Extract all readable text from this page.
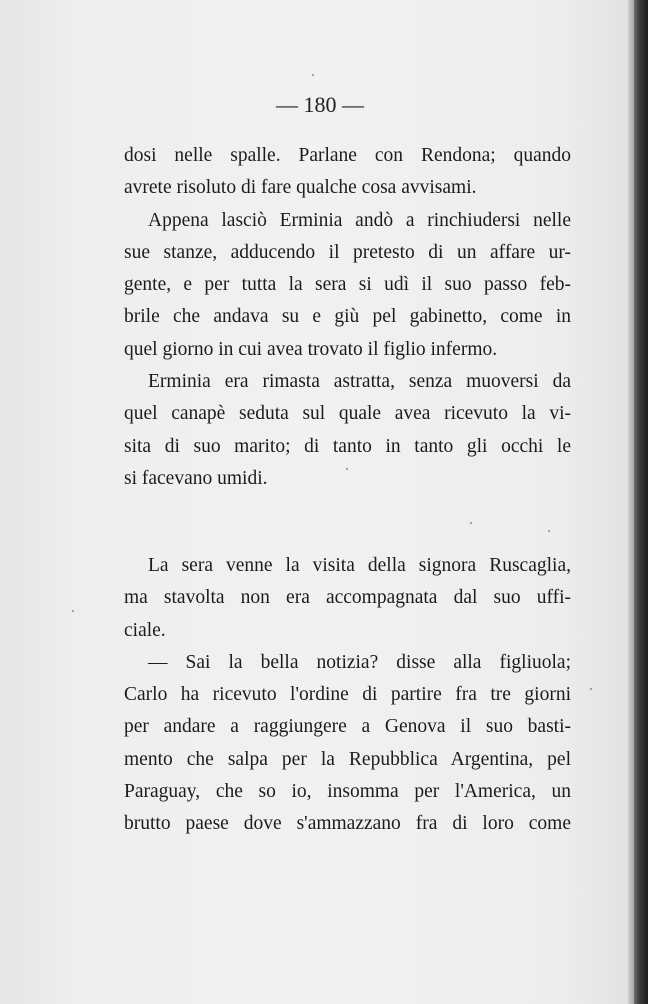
— 180 —

dosi nelle spalle. Parlane con Rendona; quando
avrete risoluto di fare qualche cosa avvisami.
Appena lasciò Erminia andò a rinchiudersi nelle
sue stanze, adducendo il pretesto di un affare ur-
gente, e per tutta la sera si udì il suo passo feb-
brile che andava su e giù pel gabinetto, come in
quel giorno in cui avea trovato il figlio infermo.
Erminia era rimasta astratta, senza muoversi da
quel canapè seduta sul quale avea ricevuto la vi-
sita di suo marito; di tanto in tanto gli occhi le
si facevano umidi.
La sera venne la visita della signora Ruscaglia,
ma stavolta non era accompagnata dal suo uffi-
ciale.
— Sai la bella notizia? disse alla figliuola;
Carlo ha ricevuto l'ordine di partire fra tre giorni
per andare a raggiungere a Genova il suo basti-
mento che salpa per la Repubblica Argentina, pel
Paraguay, che so io, insomma per l'America, un
brutto paese dove s'ammazzano fra di loro come
